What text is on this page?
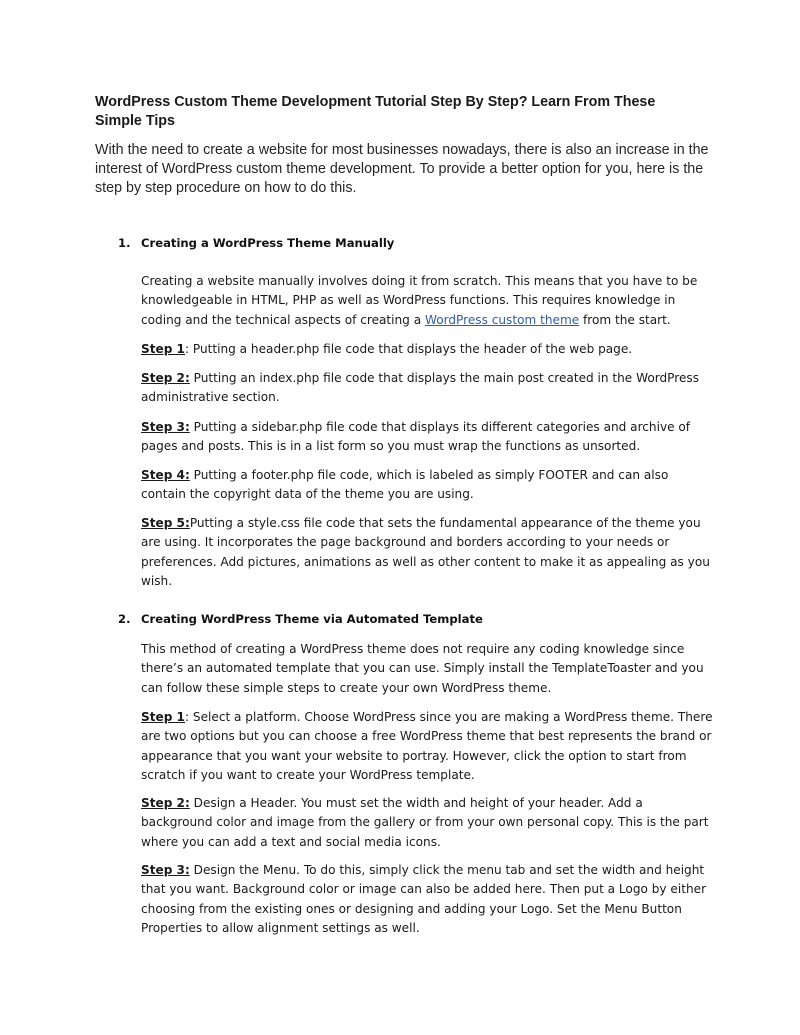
WordPress Custom Theme Development Tutorial Step By Step? Learn From These Simple Tips

With the need to create a website for most businesses nowadays, there is also an increase in the interest of WordPress custom theme development. To provide a better option for you, here is the step by step procedure on how to do this.

1. Creating a WordPress Theme Manually

Creating a website manually involves doing it from scratch. This means that you have to be knowledgeable in HTML, PHP as well as WordPress functions. This requires knowledge in coding and the technical aspects of creating a WordPress custom theme from the start.

Step 1: Putting a header.php file code that displays the header of the web page.

Step 2: Putting an index.php file code that displays the main post created in the WordPress administrative section.

Step 3: Putting a sidebar.php file code that displays its different categories and archive of pages and posts. This is in a list form so you must wrap the functions as unsorted.

Step 4: Putting a footer.php file code, which is labeled as simply FOOTER and can also contain the copyright data of the theme you are using.

Step 5:Putting a style.css file code that sets the fundamental appearance of the theme you are using. It incorporates the page background and borders according to your needs or preferences. Add pictures, animations as well as other content to make it as appealing as you wish.

2. Creating WordPress Theme via Automated Template

This method of creating a WordPress theme does not require any coding knowledge since there’s an automated template that you can use. Simply install the TemplateToaster and you can follow these simple steps to create your own WordPress theme.

Step 1: Select a platform. Choose WordPress since you are making a WordPress theme. There are two options but you can choose a free WordPress theme that best represents the brand or appearance that you want your website to portray. However, click the option to start from scratch if you want to create your WordPress template.

Step 2: Design a Header. You must set the width and height of your header. Add a background color and image from the gallery or from your own personal copy. This is the part where you can add a text and social media icons.

Step 3: Design the Menu. To do this, simply click the menu tab and set the width and height that you want. Background color or image can also be added here. Then put a Logo by either choosing from the existing ones or designing and adding your Logo. Set the Menu Button Properties to allow alignment settings as well.
